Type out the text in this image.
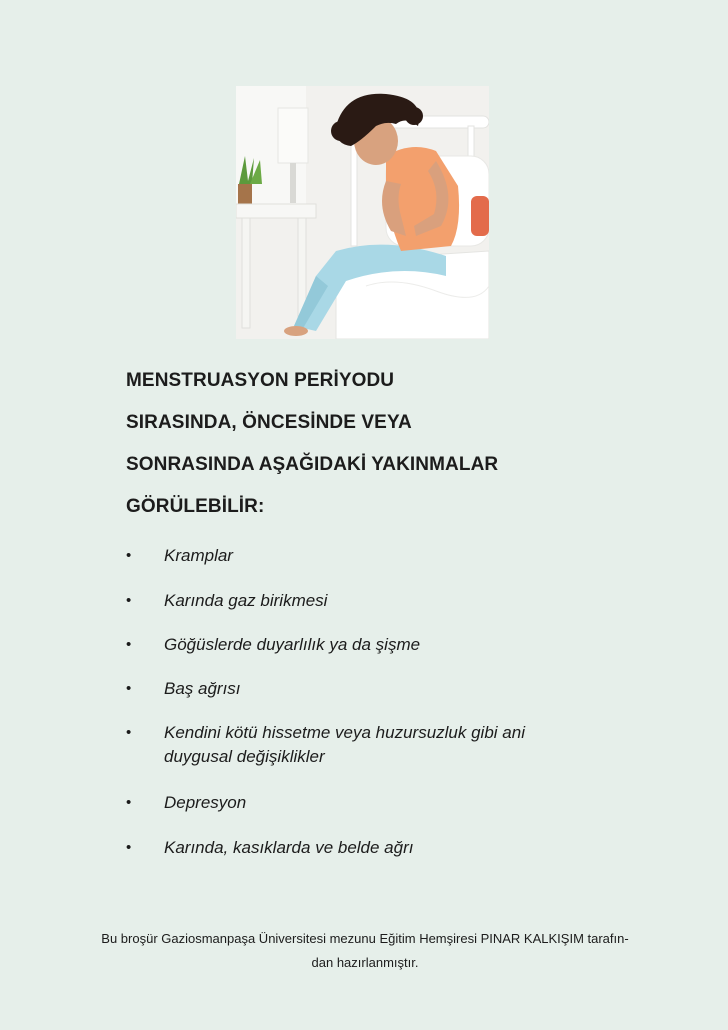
MENSTRUASYON PERİYODU
SIRASINDA, ÖNCESİNDE VEYA
SONRASINDA AŞAĞIDAKİ YAKINMALAR
GÖRÜLEBİLİR:
• Kramplar
• Karında gaz birikmesi
• Göğüslerde duyarlılık ya da şişme
• Baş ağrısı
• Kendini kötü hissetme veya huzursuzluk gibi ani duygusal değişiklikler
• Depresyon
• Karında, kasıklarda ve belde ağrı
Bu broşür Gaziosmanpaşa Üniversitesi mezunu Eğitim Hemşiresi PINAR KALKIŞIM tarafın-
dan hazırlanmıştır.
